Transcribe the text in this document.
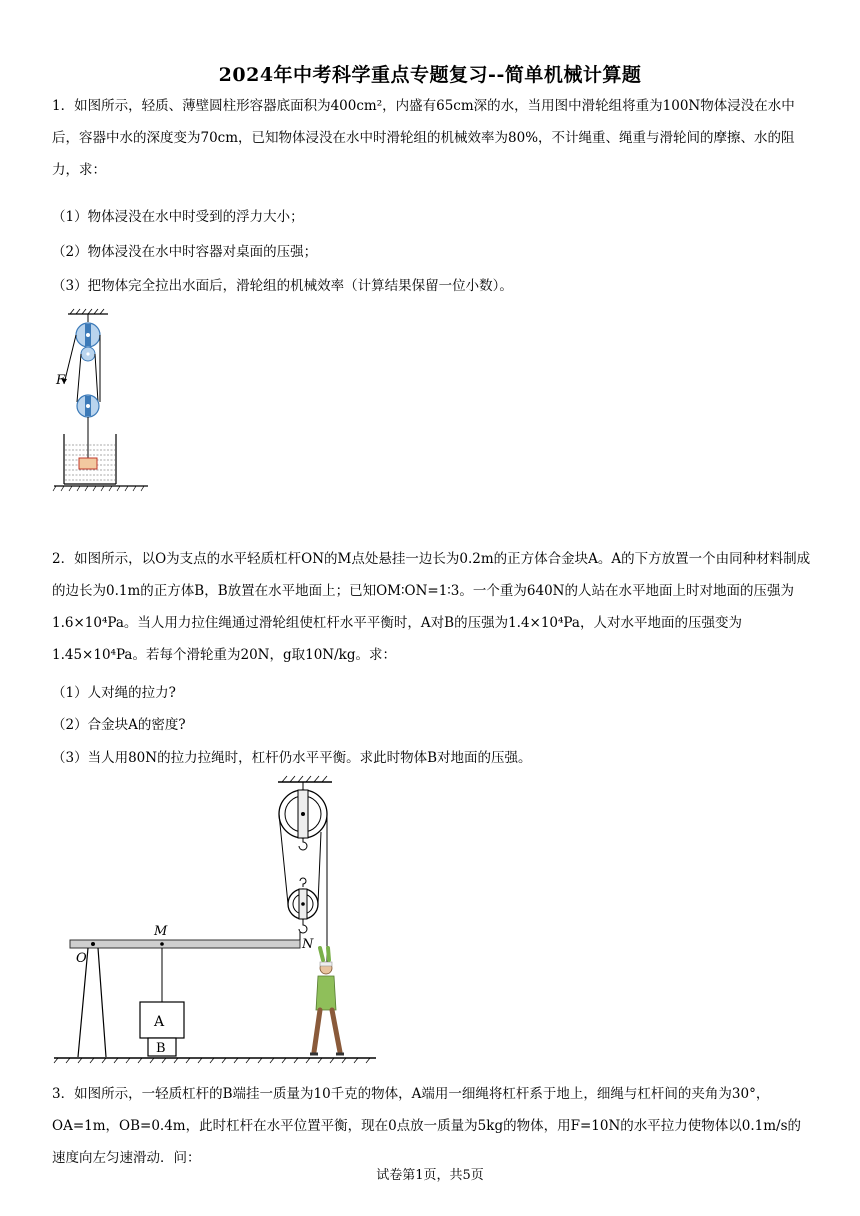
2024年中考科学重点专题复习--简单机械计算题
1．如图所示，轻质、薄壁圆柱形容器底面积为400cm²，内盛有65cm深的水，当用图中滑轮组将重为100N物体浸没在水中后，容器中水的深度变为70cm，已知物体浸没在水中时滑轮组的机械效率为80%，不计绳重、绳重与滑轮间的摩擦、水的阻力，求：
（1）物体浸没在水中时受到的浮力大小；
（2）物体浸没在水中时容器对桌面的压强；
（3）把物体完全拉出水面后，滑轮组的机械效率（计算结果保留一位小数）。
F
2．如图所示，以O为支点的水平轻质杠杆ON的M点处悬挂一边长为0.2m的正方体合金块A。A的下方放置一个由同种材料制成的边长为0.1m的正方体B，B放置在水平地面上；已知OM∶ON=1∶3。一个重为640N的人站在水平地面上时对地面的压强为1.6×10⁴Pa。当人用力拉住绳通过滑轮组使杠杆水平平衡时，A对B的压强为1.4×10⁴Pa，人对水平地面的压强变为1.45×10⁴Pa。若每个滑轮重为20N，g取10N/kg。求：
（1）人对绳的拉力?
（2）合金块A的密度?
（3）当人用80N的拉力拉绳时，杠杆仍水平平衡。求此时物体B对地面的压强。
O
M
N
A
B
3．如图所示，一轻质杠杆的B端挂一质量为10千克的物体，A端用一细绳将杠杆系于地上，细绳与杠杆间的夹角为30°， OA=1m，OB=0.4m，此时杠杆在水平位置平衡，现在0点放一质量为5kg的物体，用F=10N的水平拉力使物体以0.1m/s的速度向左匀速滑动．问：
试卷第1页，共5页
